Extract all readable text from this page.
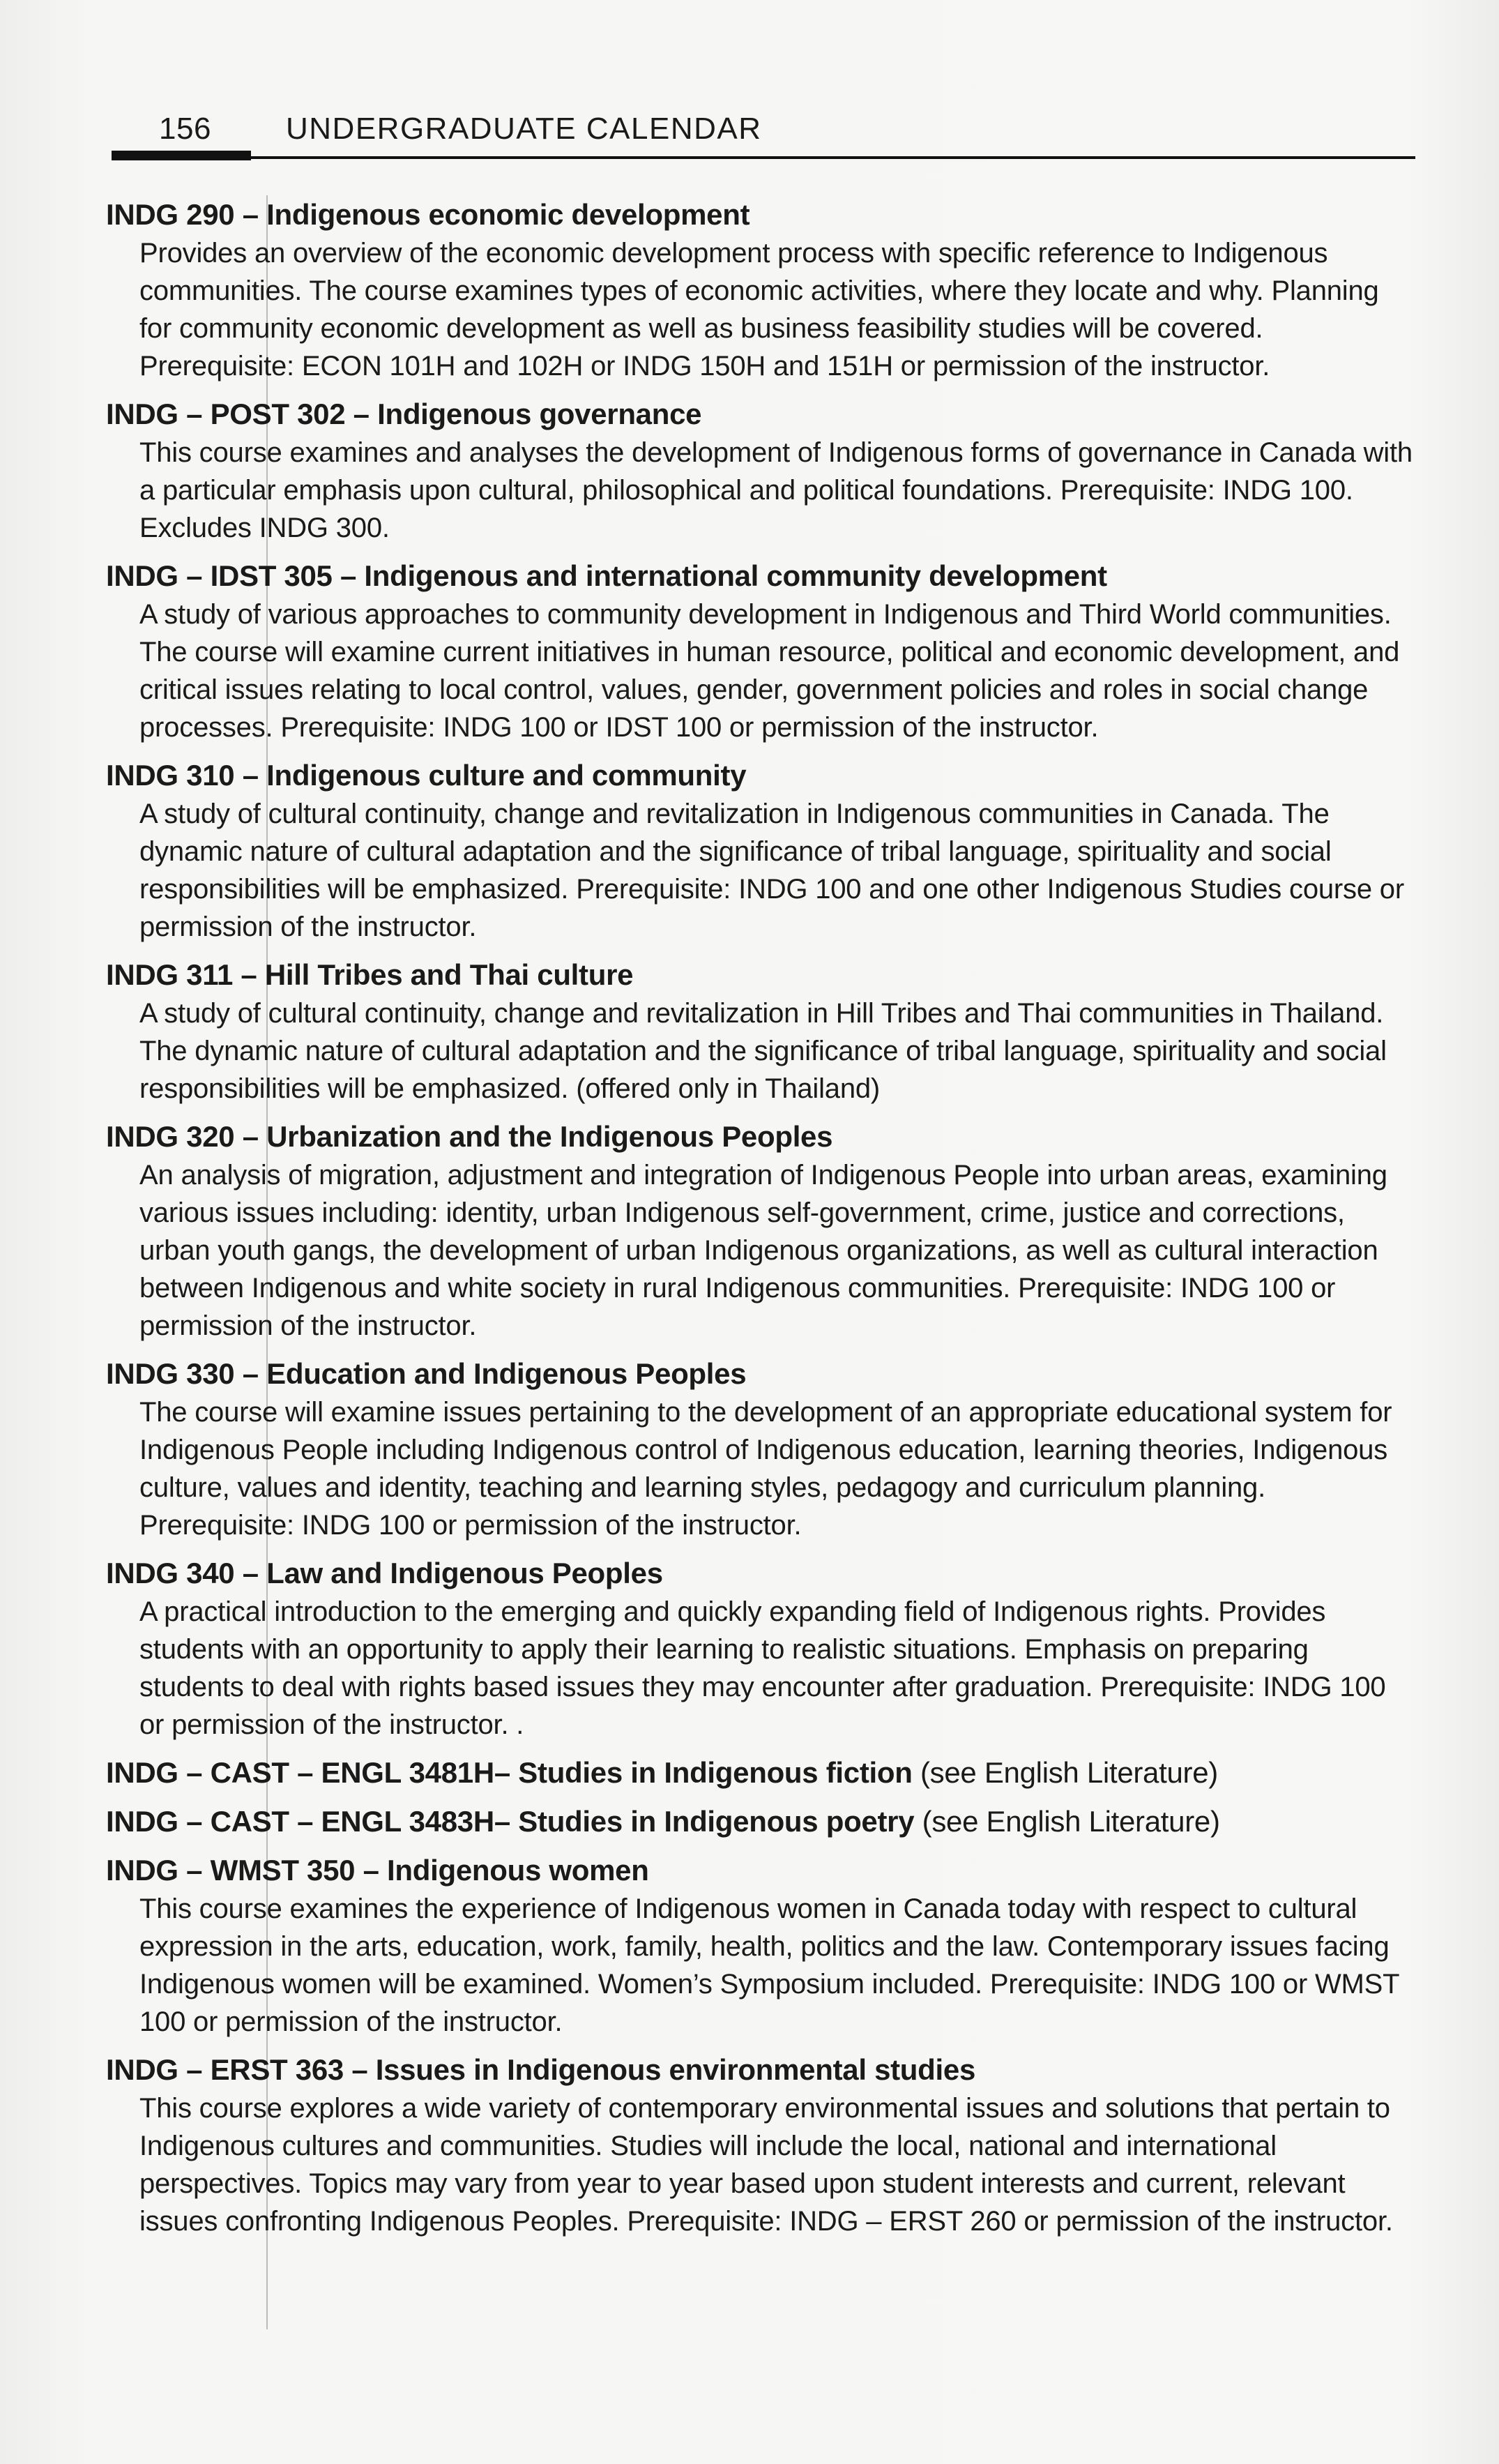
156 UNDERGRADUATE CALENDAR

INDG 290 – Indigenous economic development

Provides an overview of the economic development process with specific reference to Indigenous communities. The course examines types of economic activities, where they locate and why. Planning for community economic development as well as business feasibility studies will be covered. Prerequisite: ECON 101H and 102H or INDG 150H and 151H or permission of the instructor.

INDG – POST 302 – Indigenous governance

This course examines and analyses the development of Indigenous forms of governance in Canada with a particular emphasis upon cultural, philosophical and political foundations. Prerequisite: INDG 100. Excludes INDG 300.

INDG – IDST 305 – Indigenous and international community development

A study of various approaches to community development in Indigenous and Third World communities. The course will examine current initiatives in human resource, political and economic development, and critical issues relating to local control, values, gender, government policies and roles in social change processes. Prerequisite: INDG 100 or IDST 100 or permission of the instructor.

INDG 310 – Indigenous culture and community

A study of cultural continuity, change and revitalization in Indigenous communities in Canada. The dynamic nature of cultural adaptation and the significance of tribal language, spirituality and social responsibilities will be emphasized. Prerequisite: INDG 100 and one other Indigenous Studies course or permission of the instructor.

INDG 311 – Hill Tribes and Thai culture

A study of cultural continuity, change and revitalization in Hill Tribes and Thai communities in Thailand. The dynamic nature of cultural adaptation and the significance of tribal language, spirituality and social responsibilities will be emphasized. (offered only in Thailand)

INDG 320 – Urbanization and the Indigenous Peoples

An analysis of migration, adjustment and integration of Indigenous People into urban areas, examining various issues including: identity, urban Indigenous self-government, crime, justice and corrections, urban youth gangs, the development of urban Indigenous organizations, as well as cultural interaction between Indigenous and white society in rural Indigenous communities. Prerequisite: INDG 100 or permission of the instructor.

INDG 330 – Education and Indigenous Peoples

The course will examine issues pertaining to the development of an appropriate educational system for Indigenous People including Indigenous control of Indigenous education, learning theories, Indigenous culture, values and identity, teaching and learning styles, pedagogy and curriculum planning. Prerequisite: INDG 100 or permission of the instructor.

INDG 340 – Law and Indigenous Peoples

A practical introduction to the emerging and quickly expanding field of Indigenous rights. Provides students with an opportunity to apply their learning to realistic situations. Emphasis on preparing students to deal with rights based issues they may encounter after graduation. Prerequisite: INDG 100 or permission of the instructor. .

INDG – CAST – ENGL 3481H– Studies in Indigenous fiction (see English Literature)

INDG – CAST – ENGL 3483H– Studies in Indigenous poetry (see English Literature)

INDG – WMST 350 – Indigenous women

This course examines the experience of Indigenous women in Canada today with respect to cultural expression in the arts, education, work, family, health, politics and the law. Contemporary issues facing Indigenous women will be examined. Women’s Symposium included. Prerequisite: INDG 100 or WMST 100 or permission of the instructor.

INDG – ERST 363 – Issues in Indigenous environmental studies

This course explores a wide variety of contemporary environmental issues and solutions that pertain to Indigenous cultures and communities. Studies will include the local, national and international perspectives. Topics may vary from year to year based upon student interests and current, relevant issues confronting Indigenous Peoples. Prerequisite: INDG – ERST 260 or permission of the instructor.
